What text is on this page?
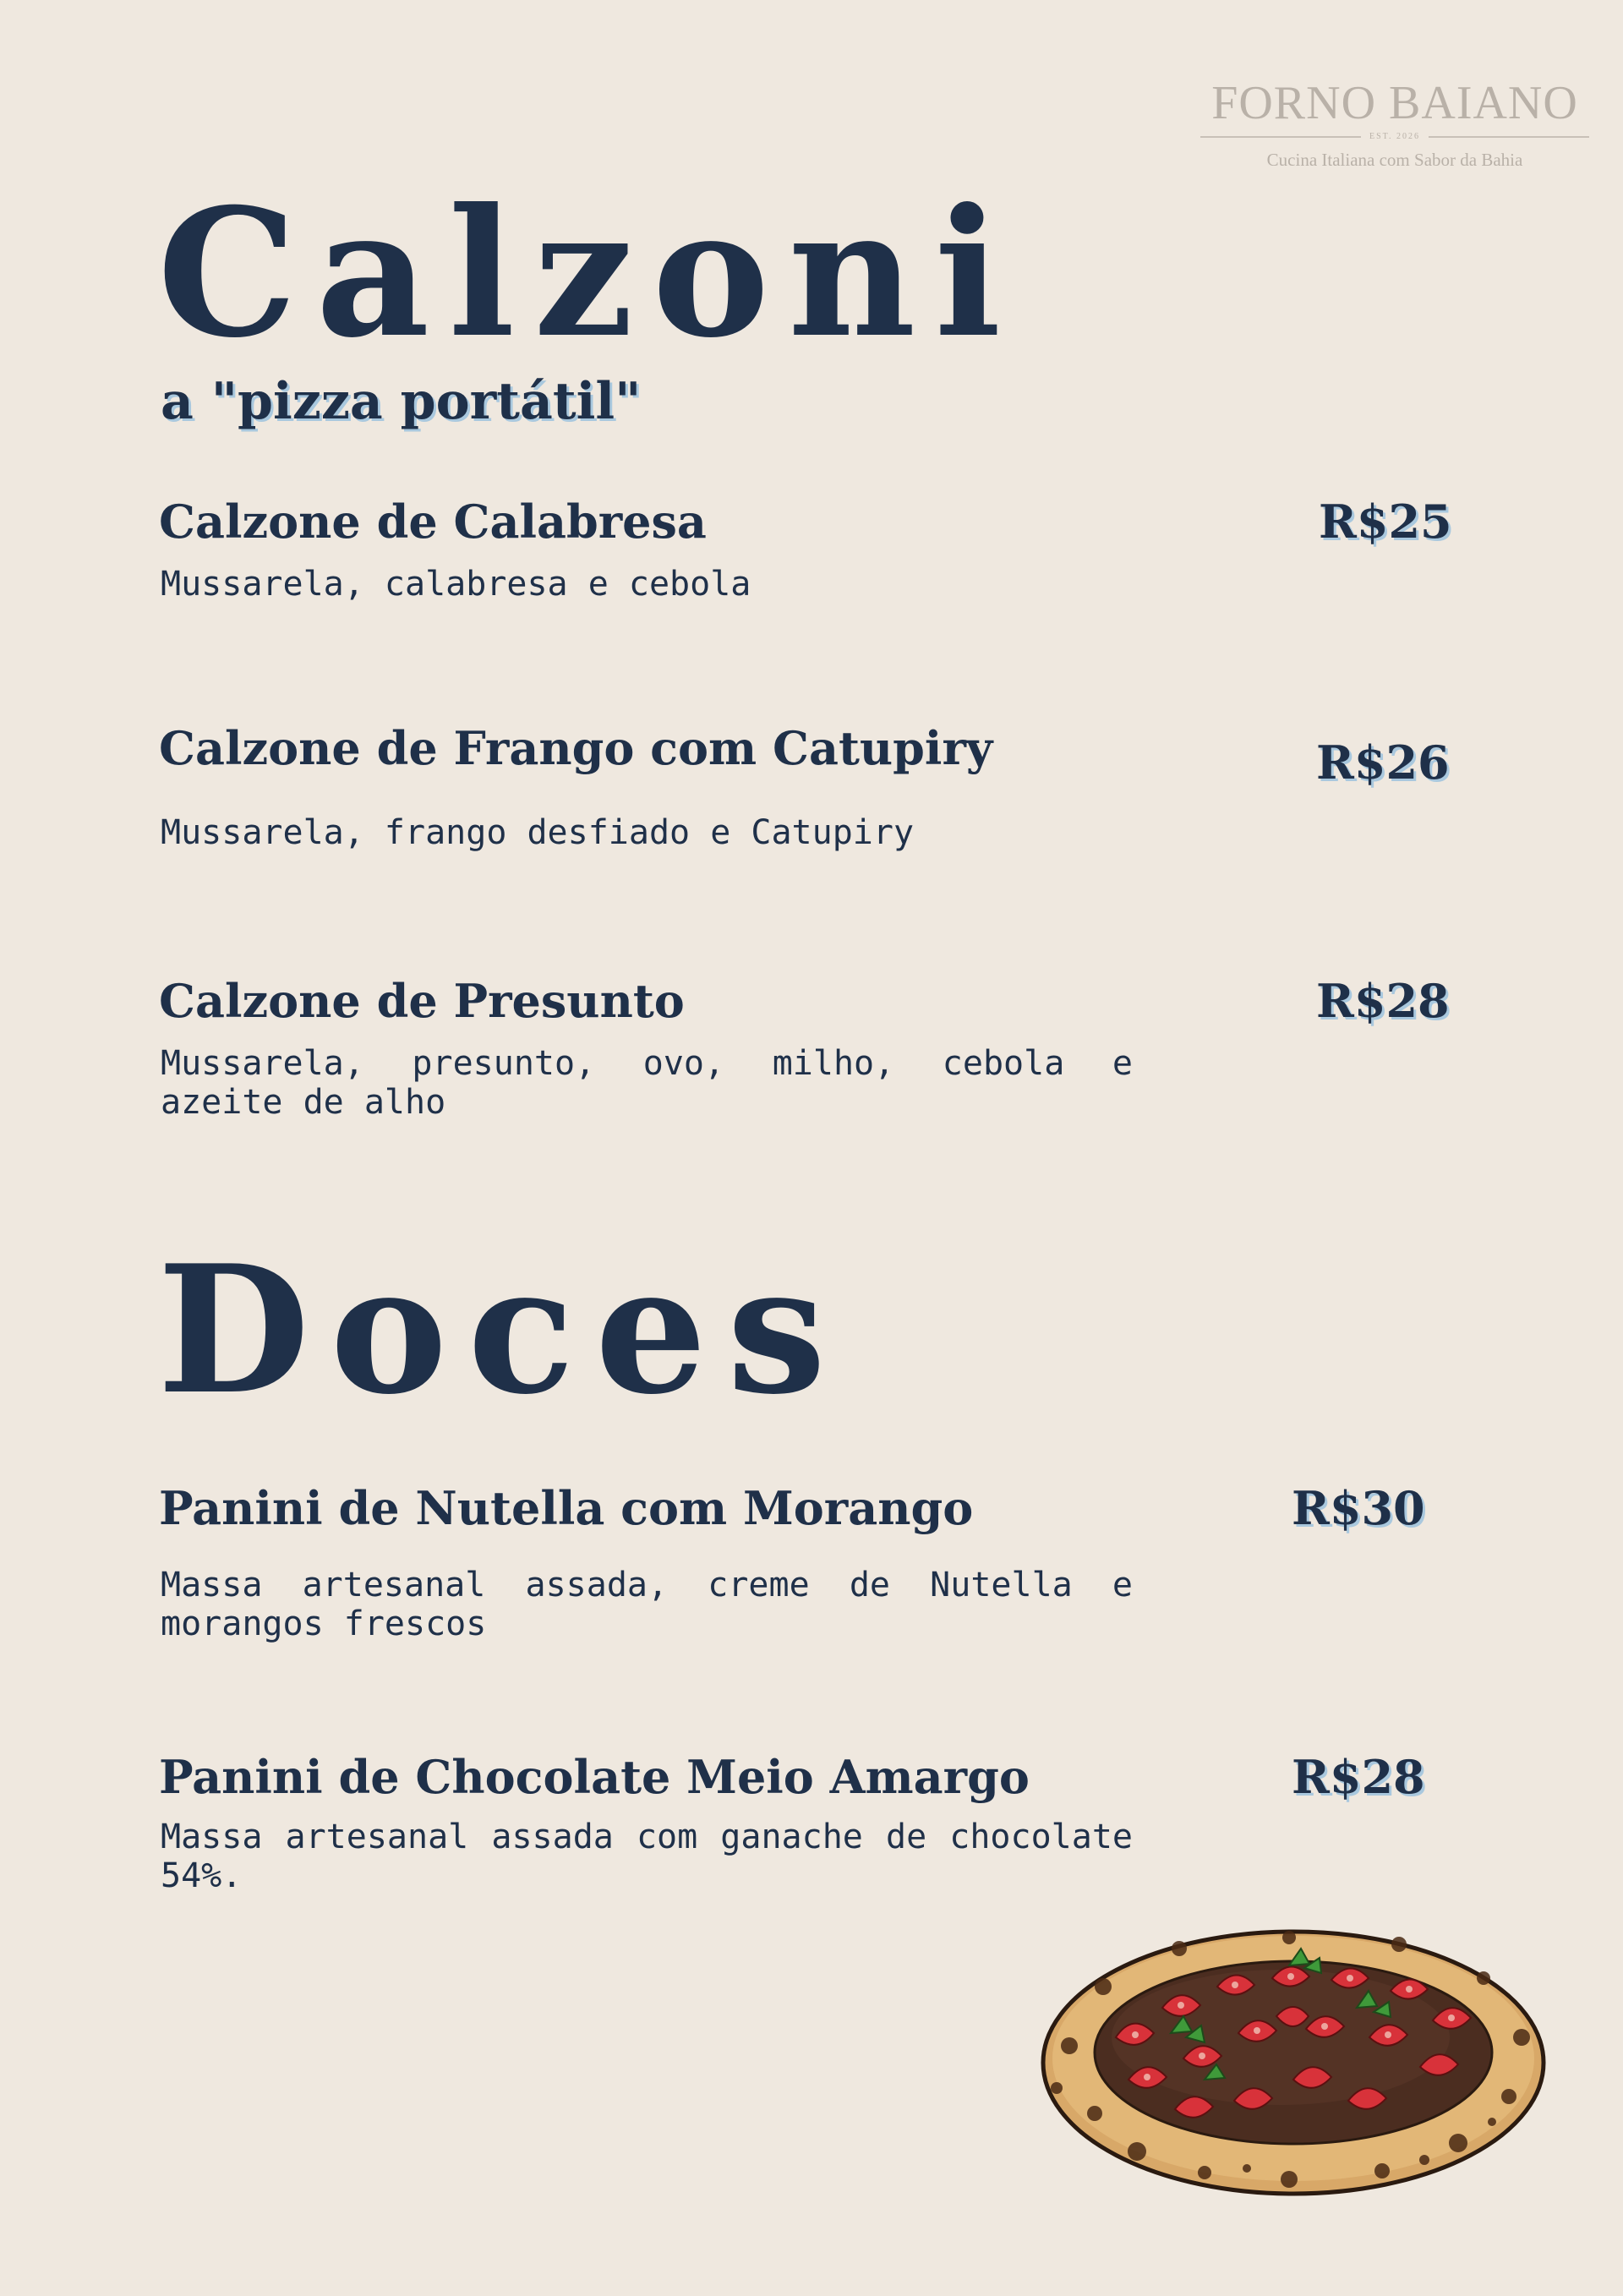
FORNO BAIANO
EST. 2026
Cucina Italiana com Sabor da Bahia
Calzoni
a "pizza portátil"
Calzone de Calabresa	R$25
Mussarela, calabresa e cebola
Calzone de Frango com Catupiry	R$26
Mussarela, frango desfiado e Catupiry
Calzone de Presunto	R$28
Mussarela, presunto, ovo, milho, cebola e azeite de alho
Doces
Panini de Nutella com Morango	R$30
Massa artesanal assada, creme de Nutella e morangos frescos
Panini de Chocolate Meio Amargo	R$28
Massa artesanal assada com ganache de chocolate 54%.
